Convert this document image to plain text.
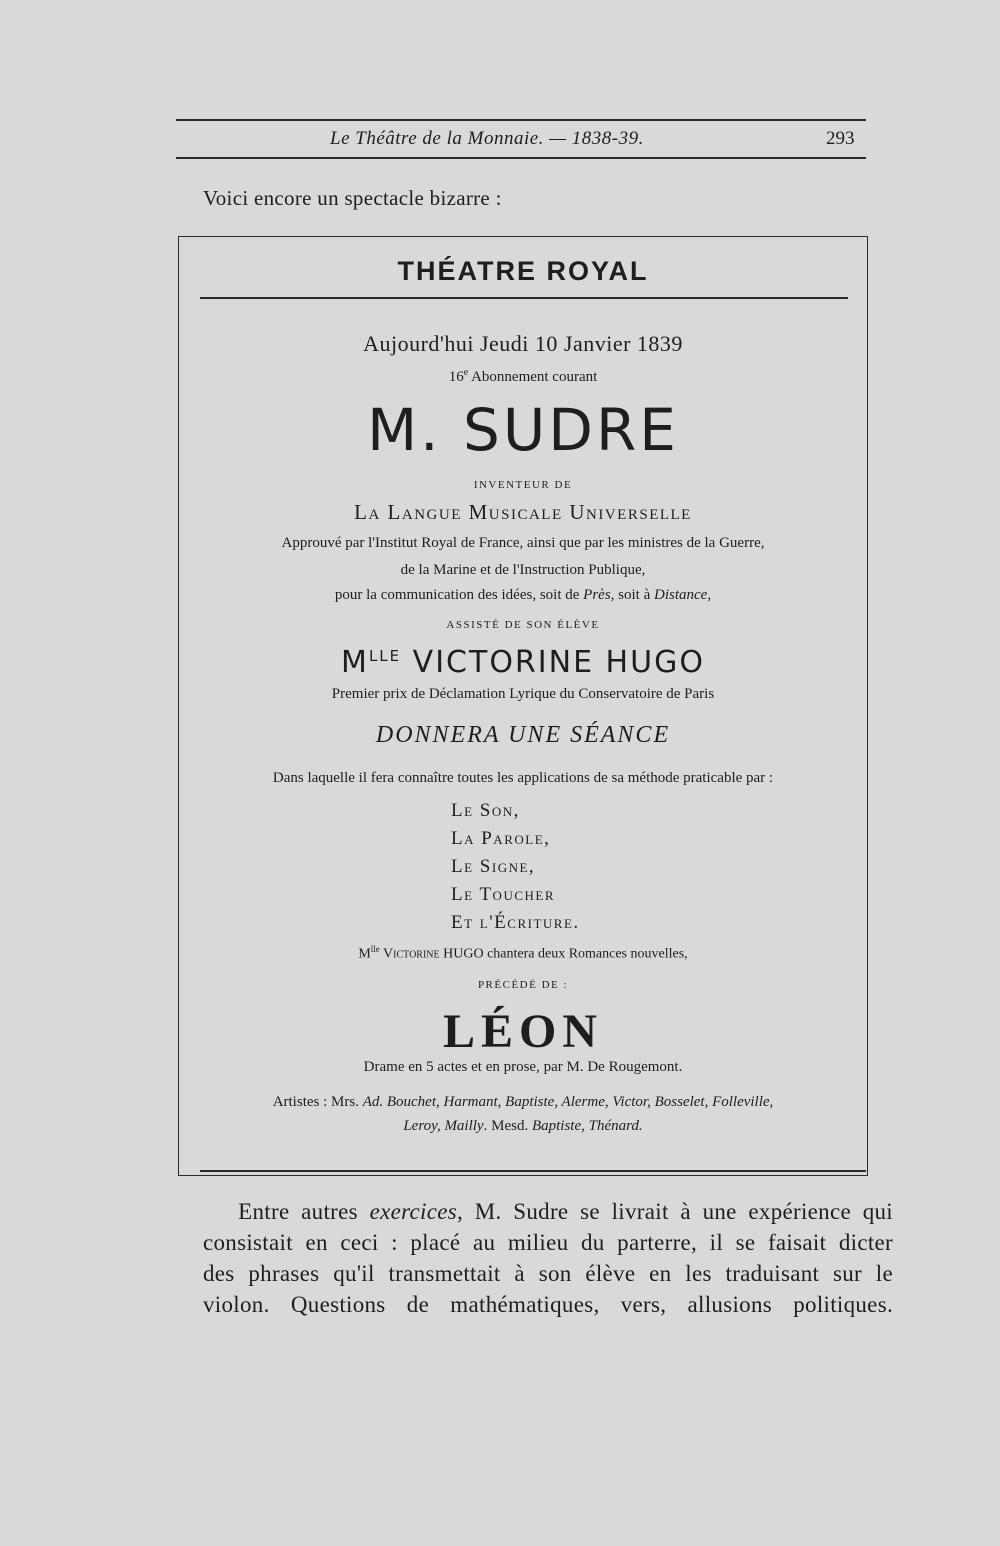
Le Théâtre de la Monnaie. — 1838-39.	293
Voici encore un spectacle bizarre :
THÉATRE ROYAL
Aujourd'hui Jeudi 10 Janvier 1839
16e Abonnement courant
M. SUDRE
INVENTEUR DE
La Langue Musicale Universelle
Approuvé par l'Institut Royal de France, ainsi que par les ministres de la Guerre,
de la Marine et de l'Instruction Publique,
pour la communication des idées, soit de Près, soit à Distance,
ASSISTÉ DE SON ÉLÈVE
$M^{LLE}$ VICTORINE HUGO
Premier prix de Déclamation Lyrique du Conservatoire de Paris
DONNERA UNE SÉANCE
Dans laquelle il fera connaître toutes les applications de sa méthode praticable par :
Le Son,
La Parole,
Le Signe,
Le Toucher
Et l'Écriture.
$M^{lle}$ Victorine HUGO chantera deux Romances nouvelles,
PRÉCÉDÉ DE :
LÉON
Drame en 5 actes et en prose, par M. De Rougemont.
Artistes : Mrs. Ad. Bouchet, Harmant, Baptiste, Alerme, Victor, Bosselet, Folleville,
Leroy, Mailly. Mesd. Baptiste, Thénard.
Entre autres exercices, M. Sudre se livrait à une expérience qui
consistait en ceci : placé au milieu du parterre, il se faisait dicter
des phrases qu'il transmettait à son élève en les traduisant sur le
violon. Questions de mathématiques, vers, allusions politiques.
